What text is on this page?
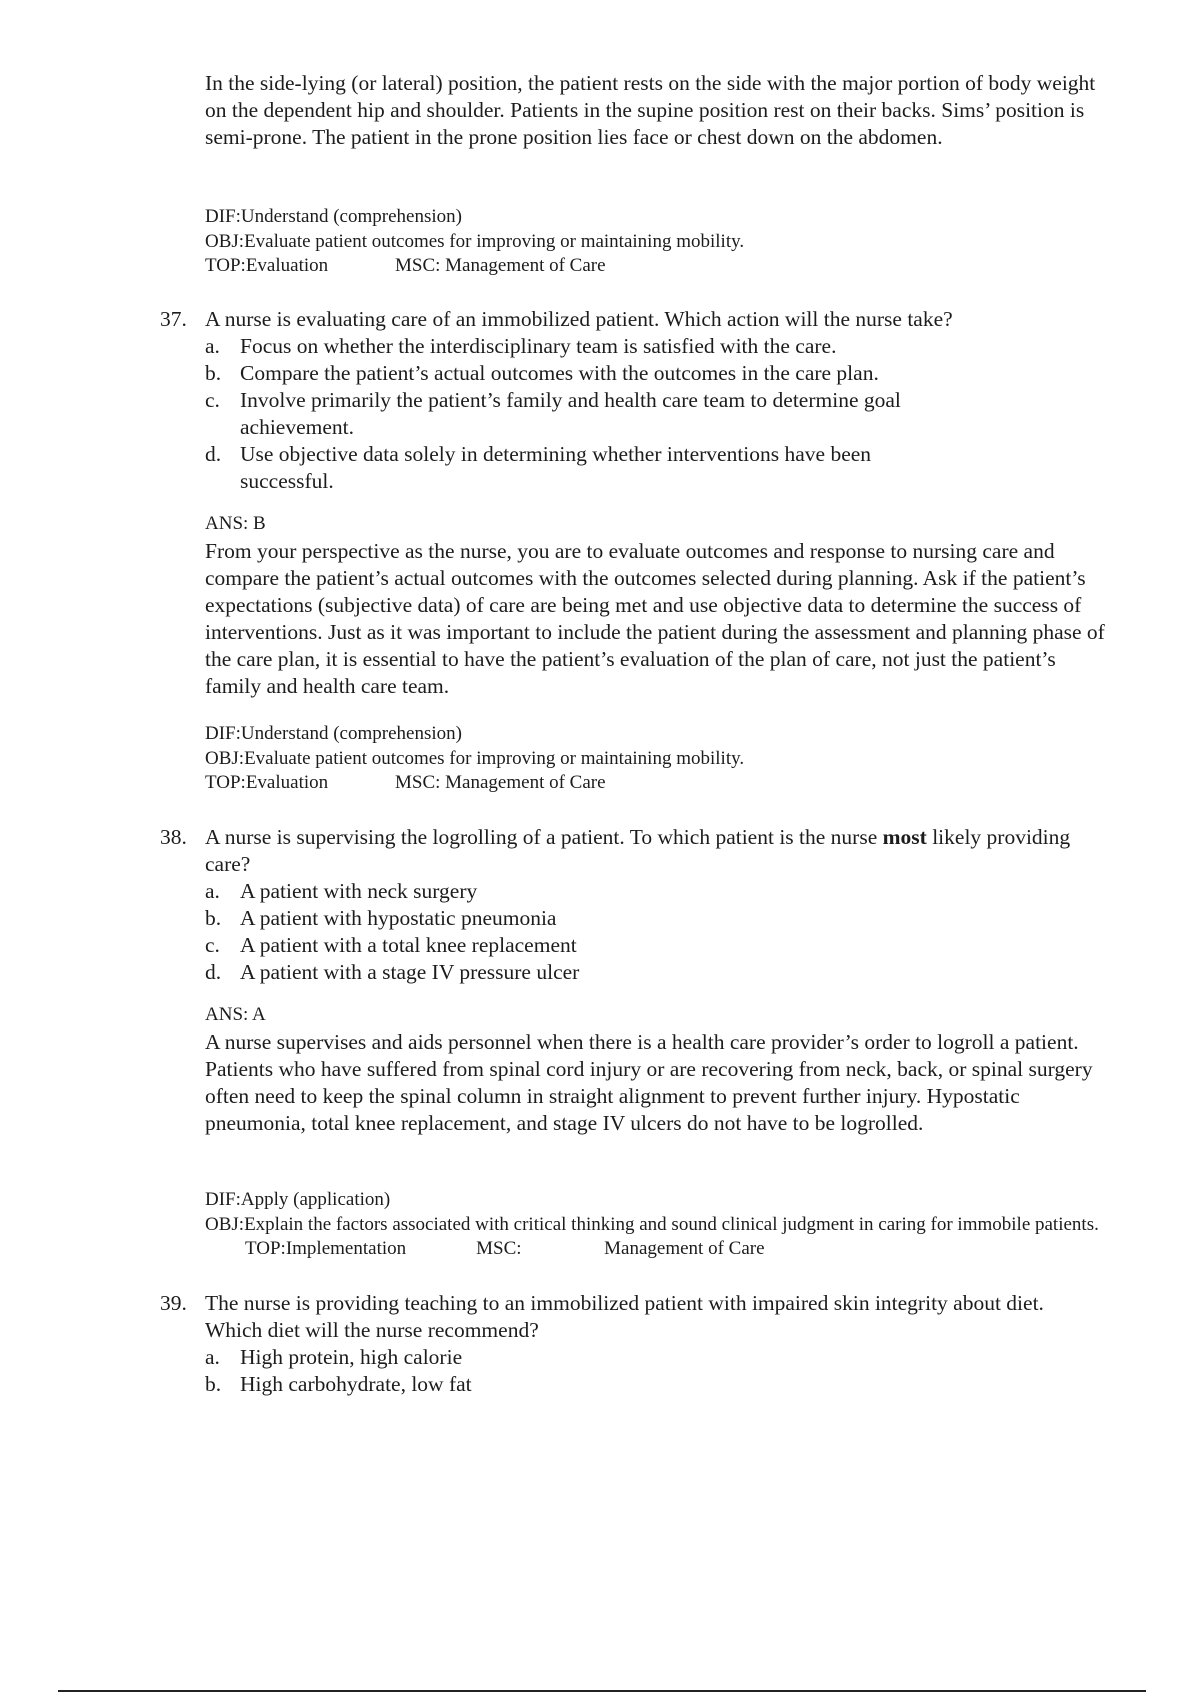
In the side-lying (or lateral) position, the patient rests on the side with the major portion of body weight on the dependent hip and shoulder. Patients in the supine position rest on their backs. Sims’ position is semi-prone. The patient in the prone position lies face or chest down on the abdomen.

DIF:Understand (comprehension)

OBJ:Evaluate patient outcomes for improving or maintaining mobility.

TOP:Evaluation	MSC: Management of Care
37. A nurse is evaluating care of an immobilized patient. Which action will the nurse take?

a. Focus on whether the interdisciplinary team is satisfied with the care.
b. Compare the patient’s actual outcomes with the outcomes in the care plan.
c. Involve primarily the patient’s family and health care team to determine goal achievement.
d. Use objective data solely in determining whether interventions have been successful.

ANS: B

From your perspective as the nurse, you are to evaluate outcomes and response to nursing care and compare the patient’s actual outcomes with the outcomes selected during planning. Ask if the patient’s expectations (subjective data) of care are being met and use objective data to determine the success of interventions. Just as it was important to include the patient during the assessment and planning phase of the care plan, it is essential to have the patient’s evaluation of the plan of care, not just the patient’s family and health care team.

DIF:Understand (comprehension)

OBJ:Evaluate patient outcomes for improving or maintaining mobility.

TOP:Evaluation	MSC: Management of Care
38. A nurse is supervising the logrolling of a patient. To which patient is the nurse most likely providing care?

a. A patient with neck surgery
b. A patient with hypostatic pneumonia
c. A patient with a total knee replacement
d. A patient with a stage IV pressure ulcer

ANS: A

A nurse supervises and aids personnel when there is a health care provider’s order to logroll a patient. Patients who have suffered from spinal cord injury or are recovering from neck, back, or spinal surgery often need to keep the spinal column in straight alignment to prevent further injury. Hypostatic pneumonia, total knee replacement, and stage IV ulcers do not have to be logrolled.

DIF:Apply (application)

OBJ:Explain the factors associated with critical thinking and sound clinical judgment in caring for immobile patients.TOP:Implementation	MSC:	Management of Care

39. The nurse is providing teaching to an immobilized patient with impaired skin integrity about diet. Which diet will the nurse recommend?

a. High protein, high calorie
b. High carbohydrate, low fat
